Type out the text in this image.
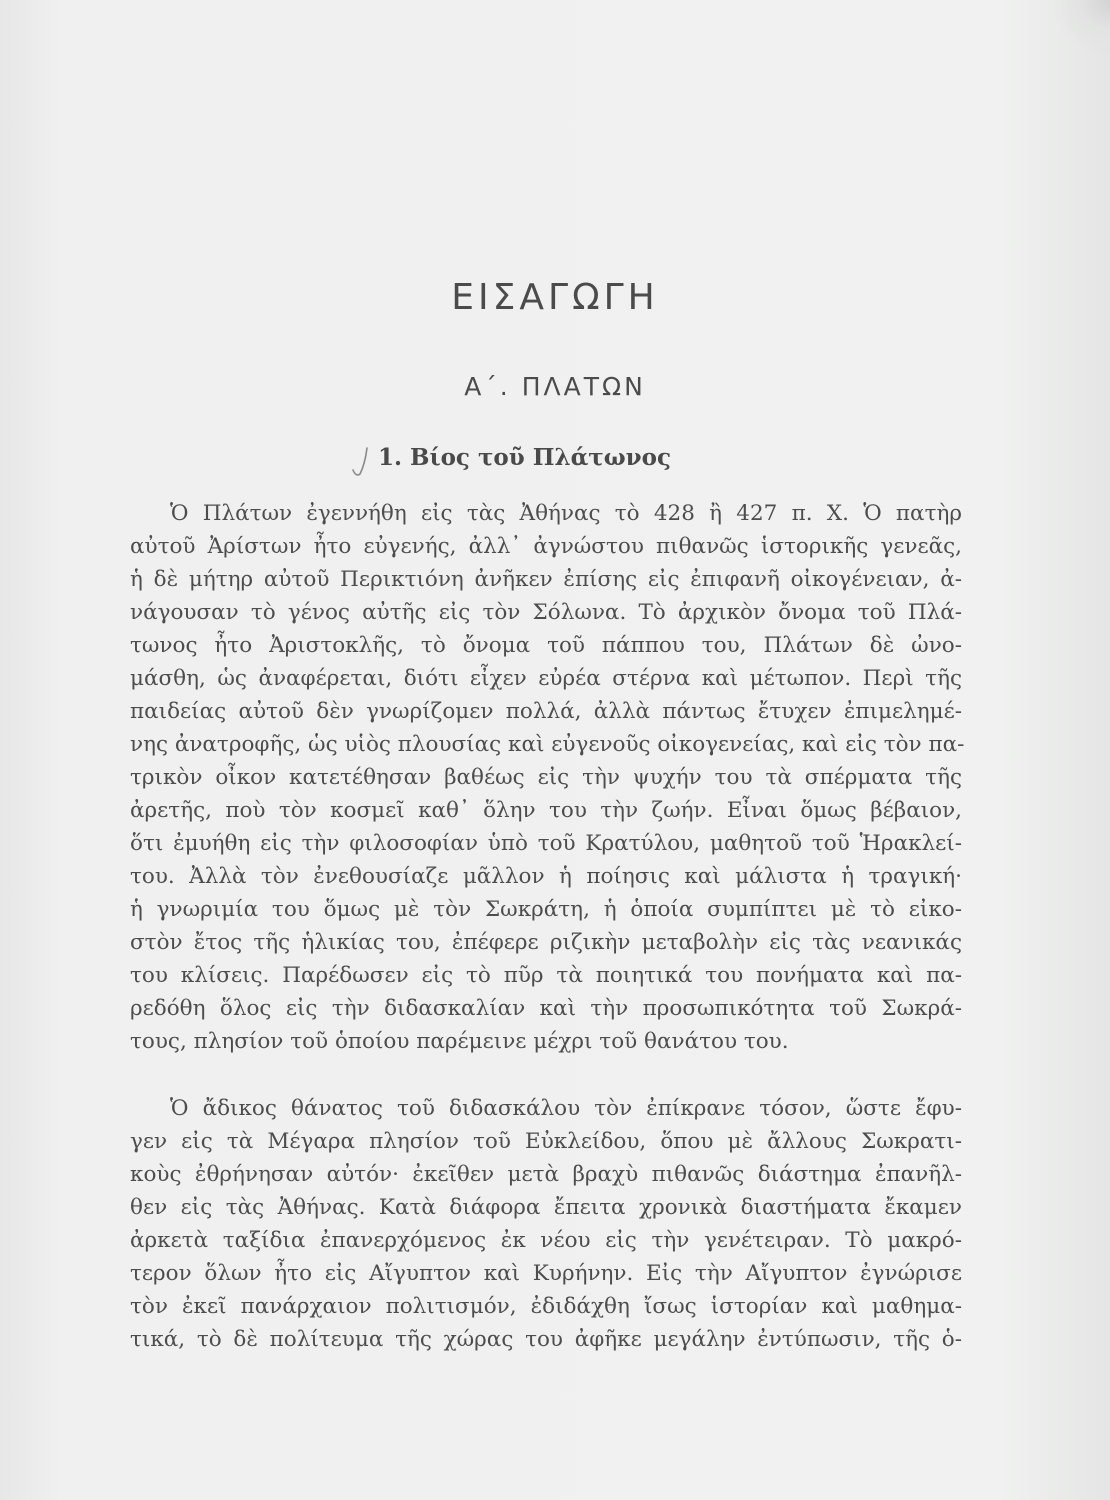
ΕΙΣΑΓΩΓΗ
Α΄. ΠΛΑΤΩΝ
1. Βίος τοῦ Πλάτωνος
Ὁ Πλάτων ἐγεννήθη εἰς τὰς Ἀθήνας τὸ 428 ἢ 427 π. Χ. Ὁ πατὴρ
αὐτοῦ Ἀρίστων ἦτο εὐγενής, ἀλλ᾽ ἀγνώστου πιθανῶς ἱστορικῆς γενεᾶς,
ἡ δὲ μήτηρ αὐτοῦ Περικτιόνη ἀνῆκεν ἐπίσης εἰς ἐπιφανῆ οἰκογένειαν, ἀ-
νάγουσαν τὸ γένος αὐτῆς εἰς τὸν Σόλωνα. Τὸ ἀρχικὸν ὄνομα τοῦ Πλά-
τωνος ἦτο Ἀριστοκλῆς, τὸ ὄνομα τοῦ πάππου του, Πλάτων δὲ ὠνο-
μάσθη, ὡς ἀναφέρεται, διότι εἶχεν εὐρέα στέρνα καὶ μέτωπον. Περὶ τῆς
παιδείας αὐτοῦ δὲν γνωρίζομεν πολλά, ἀλλὰ πάντως ἔτυχεν ἐπιμελημέ-
νης ἀνατροφῆς, ὡς υἱὸς πλουσίας καὶ εὐγενοῦς οἰκογενείας, καὶ εἰς τὸν πα-
τρικὸν οἶκον κατετέθησαν βαθέως εἰς τὴν ψυχήν του τὰ σπέρματα τῆς
ἀρετῆς, ποὺ τὸν κοσμεῖ καθ᾽ ὅλην του τὴν ζωήν. Εἶναι ὅμως βέβαιον,
ὅτι ἐμυήθη εἰς τὴν φιλοσοφίαν ὑπὸ τοῦ Κρατύλου, μαθητοῦ τοῦ Ἡρακλεί-
του. Ἀλλὰ τὸν ἐνεθουσίαζε μᾶλλον ἡ ποίησις καὶ μάλιστα ἡ τραγική·
ἡ γνωριμία του ὅμως μὲ τὸν Σωκράτη, ἡ ὁποία συμπίπτει μὲ τὸ εἰκο-
στὸν ἔτος τῆς ἡλικίας του, ἐπέφερε ριζικὴν μεταβολὴν εἰς τὰς νεανικάς
του κλίσεις. Παρέδωσεν εἰς τὸ πῦρ τὰ ποιητικά του πονήματα καὶ πα-
ρεδόθη ὅλος εἰς τὴν διδασκαλίαν καὶ τὴν προσωπικότητα τοῦ Σωκρά-
τους, πλησίον τοῦ ὁποίου παρέμεινε μέχρι τοῦ θανάτου του.
Ὁ ἄδικος θάνατος τοῦ διδασκάλου τὸν ἐπίκρανε τόσον, ὥστε ἔφυ-
γεν εἰς τὰ Μέγαρα πλησίον τοῦ Εὐκλείδου, ὅπου μὲ ἄλλους Σωκρατι-
κοὺς ἐθρήνησαν αὐτόν· ἐκεῖθεν μετὰ βραχὺ πιθανῶς διάστημα ἐπανῆλ-
θεν εἰς τὰς Ἀθήνας. Κατὰ διάφορα ἔπειτα χρονικὰ διαστήματα ἔκαμεν
ἀρκετὰ ταξίδια ἐπανερχόμενος ἐκ νέου εἰς τὴν γενέτειραν. Τὸ μακρό-
τερον ὅλων ἦτο εἰς Αἴγυπτον καὶ Κυρήνην. Εἰς τὴν Αἴγυπτον ἐγνώρισε
τὸν ἐκεῖ πανάρχαιον πολιτισμόν, ἐδιδάχθη ἴσως ἱστορίαν καὶ μαθημα-
τικά, τὸ δὲ πολίτευμα τῆς χώρας του ἀφῆκε μεγάλην ἐντύπωσιν, τῆς ὁ-
